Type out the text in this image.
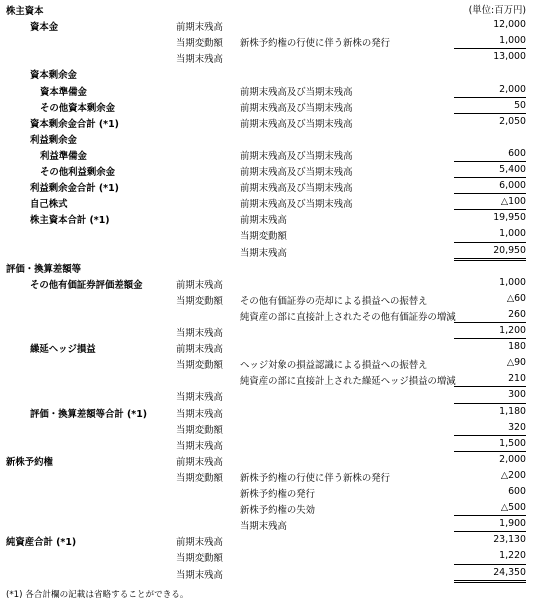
(単位:百万円)
株主資本
資本金	前期末残高	12,000
当期変動額 新株予約権の行使に伴う新株の発行	1,000
当期末残高	13,000
資本剰余金
資本準備金	前期末残高及び当期末残高	2,000
その他資本剰余金	前期末残高及び当期末残高	50
資本剰余金合計 (*1)	前期末残高及び当期末残高	2,050
利益剰余金
利益準備金	前期末残高及び当期末残高	600
その他利益剰余金	前期末残高及び当期末残高	5,400
利益剰余金合計 (*1)	前期末残高及び当期末残高	6,000
自己株式	前期末残高及び当期末残高	△100
株主資本合計 (*1)	前期末残高	19,950
当期変動額	1,000
当期末残高	20,950
評価・換算差額等
その他有価証券評価差額金	前期末残高	1,000
当期変動額 その他有価証券の売却による損益への振替え	△60
純資産の部に直接計上されたその他有価証券の増減	260
当期末残高	1,200
繰延ヘッジ損益	前期末残高	180
当期変動額 ヘッジ対象の損益認識による損益への振替え	△90
純資産の部に直接計上された繰延ヘッジ損益の増減	210
当期末残高	300
評価・換算差額等合計 (*1)	当期末残高	1,180
当期変動額	320
当期末残高	1,500
新株予約権	前期末残高	2,000
当期変動額 新株予約権の行使に伴う新株の発行	△200
新株予約権の発行	600
新株予約権の失効	△500
当期末残高	1,900
純資産合計 (*1)	前期末残高	23,130
当期変動額	1,220
当期末残高	24,350
(*1) 各合計欄の記載は省略することができる。
